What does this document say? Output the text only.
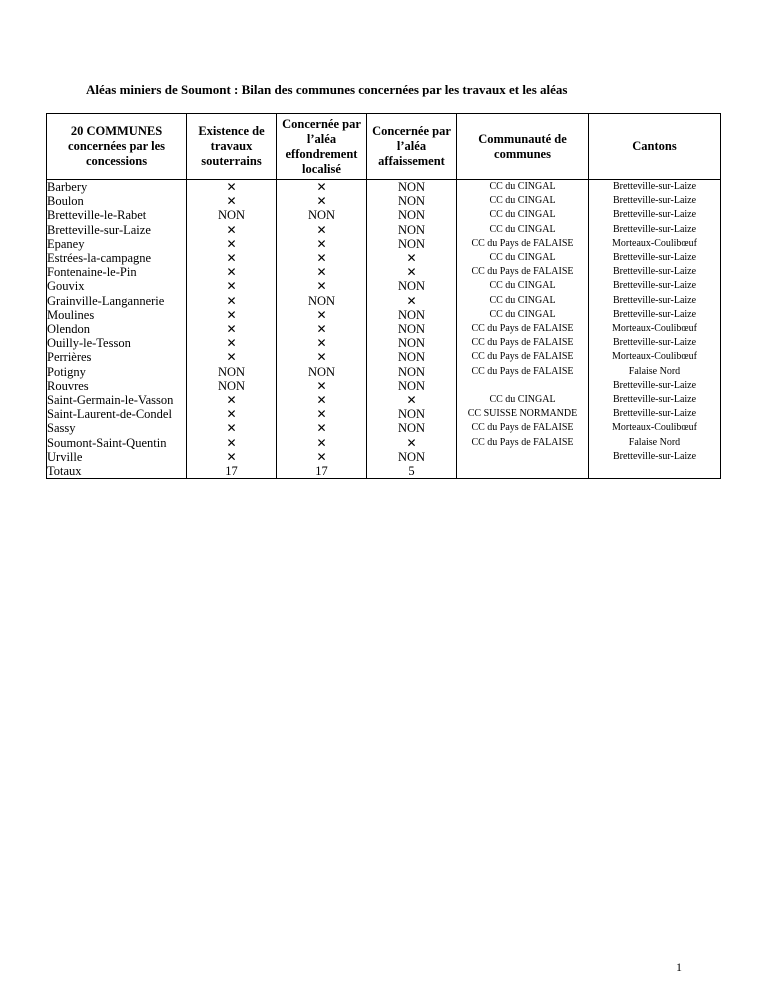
Aléas miniers de Soumont : Bilan des communes concernées par les travaux et les aléas
20 COMMUNES concernées par les concessions	Existence de travaux souterrains	Concernée par l’aléa effondrement localisé	Concernée par l’aléa affaissement	Communauté de communes	Cantons
Barbery	✕	✕	NON	CC du CINGAL	Bretteville-sur-Laize
Boulon	✕	✕	NON	CC du CINGAL	Bretteville-sur-Laize
Bretteville-le-Rabet	NON	NON	NON	CC du CINGAL	Bretteville-sur-Laize
Bretteville-sur-Laize	✕	✕	NON	CC du CINGAL	Bretteville-sur-Laize
Epaney	✕	✕	NON	CC du Pays de FALAISE	Morteaux-Coulibœuf
Estrées-la-campagne	✕	✕	✕	CC du CINGAL	Bretteville-sur-Laize
Fontenaine-le-Pin	✕	✕	✕	CC du Pays de FALAISE	Bretteville-sur-Laize
Gouvix	✕	✕	NON	CC du CINGAL	Bretteville-sur-Laize
Grainville-Langannerie	✕	NON	✕	CC du CINGAL	Bretteville-sur-Laize
Moulines	✕	✕	NON	CC du CINGAL	Bretteville-sur-Laize
Olendon	✕	✕	NON	CC du Pays de FALAISE	Morteaux-Coulibœuf
Ouilly-le-Tesson	✕	✕	NON	CC du Pays de FALAISE	Bretteville-sur-Laize
Perrières	✕	✕	NON	CC du Pays de FALAISE	Morteaux-Coulibœuf
Potigny	NON	NON	NON	CC du Pays de FALAISE	Falaise Nord
Rouvres	NON	✕	NON		Bretteville-sur-Laize
Saint-Germain-le-Vasson	✕	✕	✕	CC du CINGAL	Bretteville-sur-Laize
Saint-Laurent-de-Condel	✕	✕	NON	CC SUISSE NORMANDE	Bretteville-sur-Laize
Sassy	✕	✕	NON	CC du Pays de FALAISE	Morteaux-Coulibœuf
Soumont-Saint-Quentin	✕	✕	✕	CC du Pays de FALAISE	Falaise Nord
Urville	✕	✕	NON		Bretteville-sur-Laize
Totaux	17	17	5		
1
